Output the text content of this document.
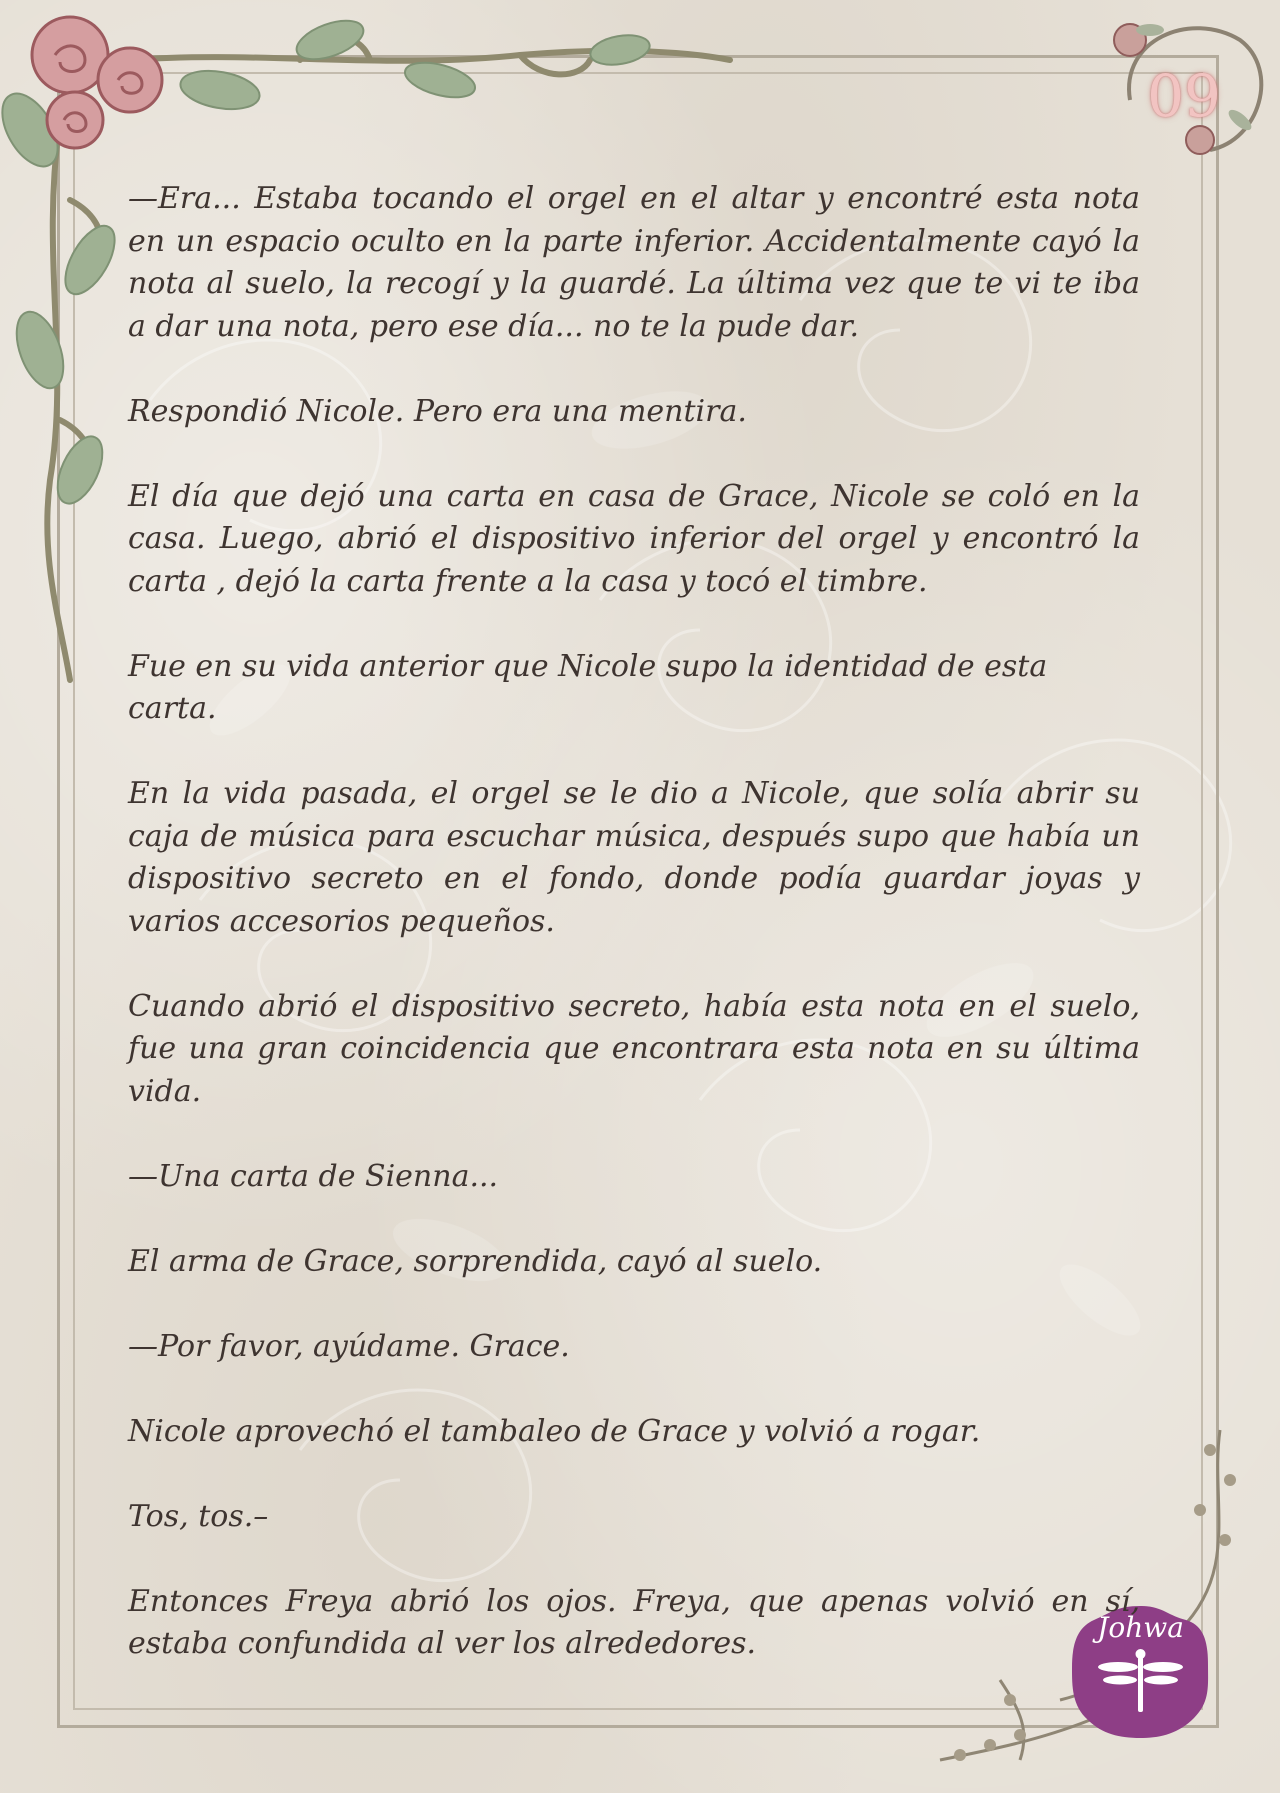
09
Johwa

—Era... Estaba tocando el orgel en el altar y encontré esta nota en un espacio oculto en la parte inferior. Accidentalmente cayó la nota al suelo, la recogí y la guardé. La última vez que te vi te iba a dar una nota, pero ese día... no te la pude dar.

Respondió Nicole. Pero era una mentira.

El día que dejó una carta en casa de Grace, Nicole se coló en la casa. Luego, abrió el dispositivo inferior del orgel y encontró la carta , dejó la carta frente a la casa y tocó el timbre.

Fue en su vida anterior que Nicole supo la identidad de esta carta.

En la vida pasada, el orgel se le dio a Nicole, que solía abrir su caja de música para escuchar música, después supo que había un dispositivo secreto en el fondo, donde podía guardar joyas y varios accesorios pequeños.

Cuando abrió el dispositivo secreto, había esta nota en el suelo, fue una gran coincidencia que encontrara esta nota en su última vida.

—Una carta de Sienna...

El arma de Grace, sorprendida, cayó al suelo.

—Por favor, ayúdame. Grace.

Nicole aprovechó el tambaleo de Grace y volvió a rogar.

Tos, tos.–

Entonces Freya abrió los ojos. Freya, que apenas volvió en sí, estaba confundida al ver los alrededores.
